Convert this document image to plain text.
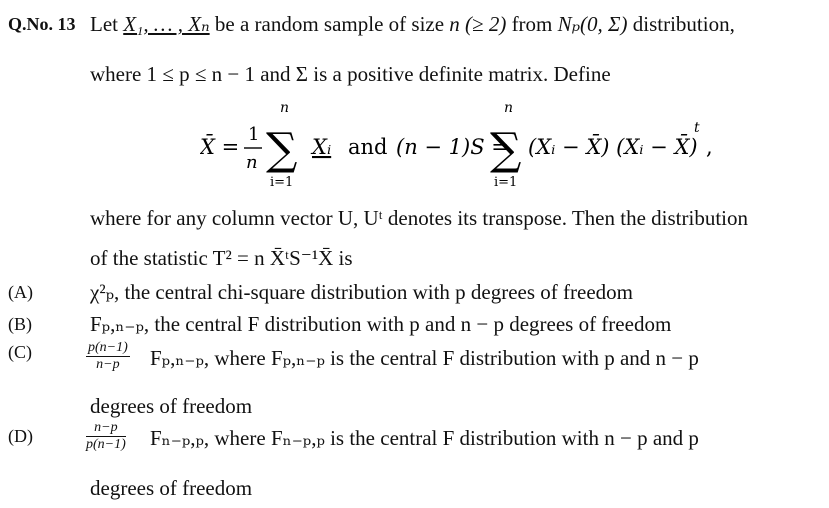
Q.No. 13 Let X₁, … , Xₙ be a random sample of size n (≥ 2) from Nₚ(0, Σ) distribution,
where 1 ≤ p ≤ n − 1 and Σ is a positive definite matrix. Define
X̄ =
1
n
n
∑
i=1
Xᵢ and (n − 1)S =
n
∑
i=1
(Xᵢ − X̄) (Xᵢ − X̄)
t
,
where for any column vector U, Uᵗ denotes its transpose. Then the distribution
of the statistic T² = n X̄ᵗS⁻¹X̄ is
(A)	χ²ₚ, the central chi-square distribution with p degrees of freedom
(B)	Fₚ,ₙ₋ₚ, the central F distribution with p and n − p degrees of freedom
(C)	$\frac{p(n-1)}{n-p} F_p,_{n-p}$, where Fₚ,ₙ₋ₚ is the central F distribution with p and n − p
degrees of freedom
(D)	$\frac{n-p}{p(n-1)} F_{n-p},_p$, where Fₙ₋ₚ,ₚ is the central F distribution with n − p and p
degrees of freedom
